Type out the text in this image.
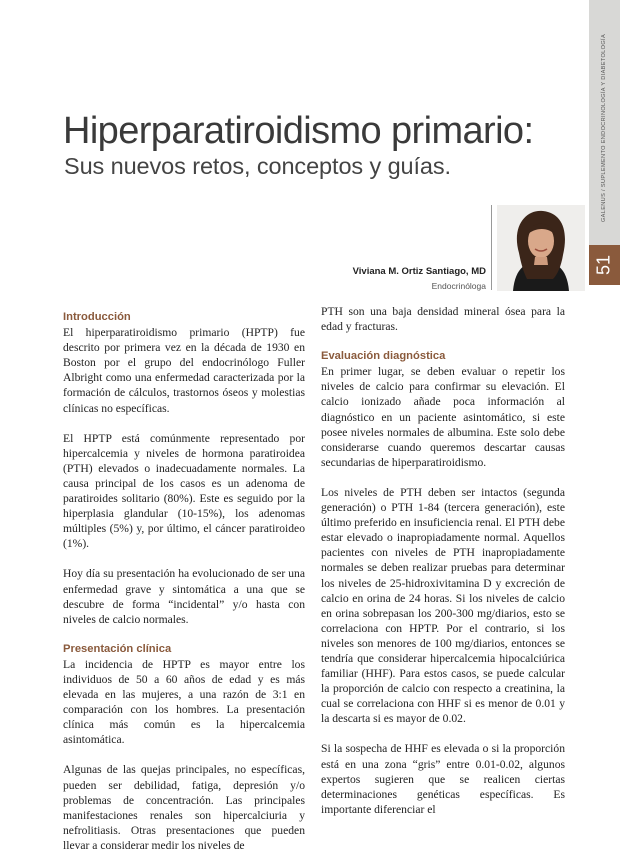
GALENUS / SUPLEMENTO ENDOCRINOLOGÍA Y DIABETOLOGÍA
51
Hiperparatiroidismo primario:
Sus nuevos retos, conceptos y guías.
Viviana M. Ortiz Santiago, MD
Endocrinóloga
Introducción

El hiperparatiroidismo primario (HPTP) fue descrito por primera vez en la década de 1930 en Boston por el grupo del endocrinólogo Fuller Albright como una enfermedad caracterizada por la formación de cálculos, trastornos óseos y molestias clínicas no específicas.

El HPTP está comúnmente representado por hipercalcemia y niveles de hormona paratiroidea (PTH) elevados o inadecuadamente normales. La causa principal de los casos es un adenoma de paratiroides solitario (80%). Este es seguido por la hiperplasia glandular (10-15%), los adenomas múltiples (5%) y, por último, el cáncer paratiroideo (1%).

Hoy día su presentación ha evolucionado de ser una enfermedad grave y sintomática a una que se descubre de forma “incidental” y/o hasta con niveles de calcio normales.

Presentación clínica

La incidencia de HPTP es mayor entre los individuos de 50 a 60 años de edad y es más elevada en las mujeres, a una razón de 3:1 en comparación con los hombres. La presentación clínica más común es la hipercalcemia asintomática.

Algunas de las quejas principales, no específicas, pueden ser debilidad, fatiga, depresión y/o problemas de concentración. Las principales manifestaciones renales son hipercalciuria y nefrolitiasis. Otras presentaciones que pueden llevar a considerar medir los niveles de

PTH son una baja densidad mineral ósea para la edad y fracturas.

Evaluación diagnóstica

En primer lugar, se deben evaluar o repetir los niveles de calcio para confirmar su elevación. El calcio ionizado añade poca información al diagnóstico en un paciente asintomático, si este posee niveles normales de albumina. Este solo debe considerarse cuando queremos descartar causas secundarias de hiperparatiroidismo.

Los niveles de PTH deben ser intactos (segunda generación) o PTH 1-84 (tercera generación), este último preferido en insuficiencia renal. El PTH debe estar elevado o inapropiadamente normal. Aquellos pacientes con niveles de PTH inapropiadamente normales se deben realizar pruebas para determinar los niveles de 25-hidroxivitamina D y excreción de calcio en orina de 24 horas. Si los niveles de calcio en orina sobrepasan los 200-300 mg/diarios, esto se correlaciona con HPTP. Por el contrario, si los niveles son menores de 100 mg/diarios, entonces se tendría que considerar hipercalcemia hipocalciúrica familiar (HHF). Para estos casos, se puede calcular la proporción de calcio con respecto a creatinina, la cual se correlaciona con HHF si es menor de 0.01 y la descarta si es mayor de 0.02.

Si la sospecha de HHF es elevada o si la proporción está en una zona “gris” entre 0.01-0.02, algunos expertos sugieren que se realicen ciertas determinaciones genéticas específicas. Es importante diferenciar el
